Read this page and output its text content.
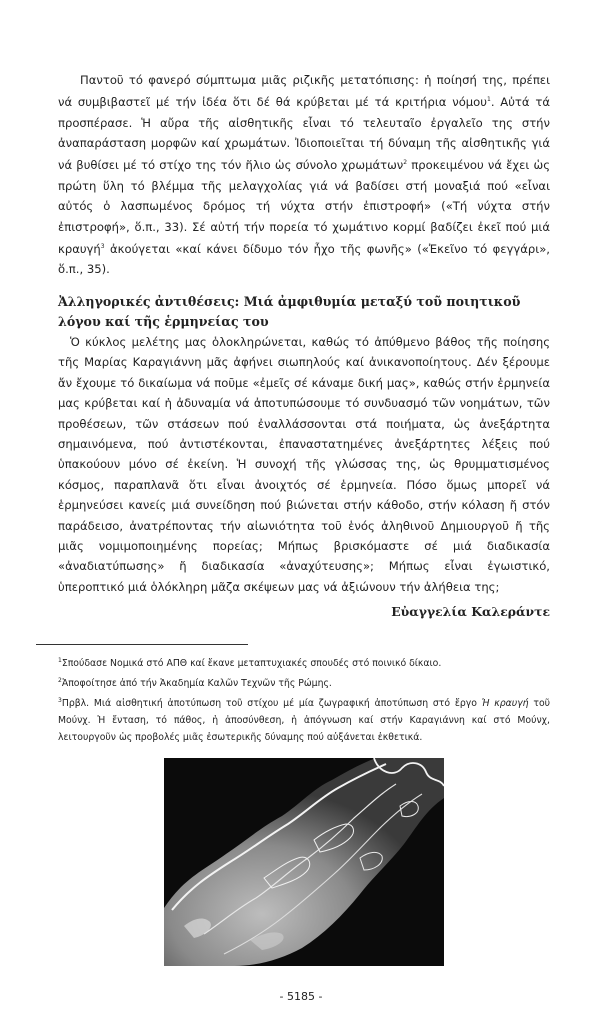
Παντοῦ τό φανερό σύμπτωμα μιᾶς ριζικῆς μετατόπισης: ἡ ποίησή της, πρέπει νά συμβιβαστεῖ μέ τήν ἰδέα ὅτι δέ θά κρύβεται μέ τά κριτήρια νόμου$^1$. Αὐτά τά προσπέρασε. Ἡ αὔρα τῆς αἰσθητικῆς εἶναι τό τελευταῖο ἐργαλεῖο της στήν ἀναπαράσταση μορφῶν καί χρωμάτων. Ἰδιοποιεῖται τή δύναμη τῆς αἰσθητικῆς γιά νά βυθίσει μέ τό στίχο της τόν ἥλιο ὡς σύνολο χρωμάτων$^2$ προκειμένου νά ἔχει ὡς πρώτη ὕλη τό βλέμμα τῆς μελαγχολίας γιά νά βαδίσει στή μοναξιά πού «εἶναι αὐτός ὁ λασπωμένος δρόμος τή νύχτα στήν ἐπιστροφή» («Τή νύχτα στήν ἐπιστροφή», ὅ.π., 33). Σέ αὐτή τήν πορεία τό χωμάτινο κορμί βαδίζει ἐκεῖ πού μιά κραυγή$^3$ ἀκούγεται «καί κάνει δίδυμο τόν ἦχο τῆς φωνῆς» («Ἐκεῖνο τό φεγγάρι», ὅ.π., 35).

Ἀλληγορικές ἀντιθέσεις: Μιά ἀμφιθυμία μεταξύ τοῦ ποιητικοῦ λόγου καί τῆς ἑρμηνείας του

Ὁ κύκλος μελέτης μας ὁλοκληρώνεται, καθώς τό ἀπύθμενο βάθος τῆς ποίησης τῆς Μαρίας Καραγιάννη μᾶς ἀφήνει σιωπηλούς καί ἀνικανοποίητους. Δέν ξέρουμε ἄν ἔχουμε τό δικαίωμα νά ποῦμε «ἐμεῖς σέ κάναμε δική μας», καθώς στήν ἑρμηνεία μας κρύβεται καί ἡ ἀδυναμία νά ἀποτυπώσουμε τό συνδυασμό τῶν νοημάτων, τῶν προθέσεων, τῶν στάσεων πού ἐναλλάσσονται στά ποιήματα, ὡς ἀνεξάρτητα σημαινόμενα, πού ἀντιστέκονται, ἐπαναστατημένες ἀνεξάρτητες λέξεις πού ὑπακούουν μόνο σέ ἐκείνη. Ἡ συνοχή τῆς γλώσσας της, ὡς θρυμματισμένος κόσμος, παραπλανᾶ ὅτι εἶναι ἀνοιχτός σέ ἑρμηνεία. Πόσο ὅμως μπορεῖ νά ἑρμηνεύσει κανείς μιά συνείδηση πού βιώνεται στήν κάθοδο, στήν κόλαση ἤ στόν παράδεισο, ἀνατρέποντας τήν αἰωνιότητα τοῦ ἑνός ἀληθινοῦ Δημιουργοῦ ἤ τῆς μιᾶς νομιμοποιημένης πορείας; Μήπως βρισκόμαστε σέ μιά διαδικασία «ἀναδιατύπωσης» ἤ διαδικασία «ἀναχύτευσης»; Μήπως εἶναι ἐγωιστικό, ὑπεροπτικό μιά ὁλόκληρη μᾶζα σκέψεων μας νά ἀξιώνουν τήν ἀλήθεια της;

Εὐαγγελία Καλεράντε

$^1$Σπούδασε Νομικά στό ΑΠΘ καί ἔκανε μεταπτυχιακές σπουδές στό ποινικό δίκαιο.

$^2$Ἀποφοίτησε ἀπό τήν Ἀκαδημία Καλῶν Τεχνῶν τῆς Ρώμης.

$^3$Πρβλ. Μιά αἰσθητική ἀποτύπωση τοῦ στίχου μέ μία ζωγραφική ἀποτύπωση στό ἔργο Ἡ κραυγή τοῦ Μούνχ. Ἡ ἔνταση, τό πάθος, ἡ ἀποσύνθεση, ἡ ἀπόγνωση καί στήν Καραγιάννη καί στό Μούνχ, λειτουργοῦν ὡς προβολές μιᾶς ἐσωτερικῆς δύναμης πού αὐξάνεται ἐκθετικά.

- 5185 -
